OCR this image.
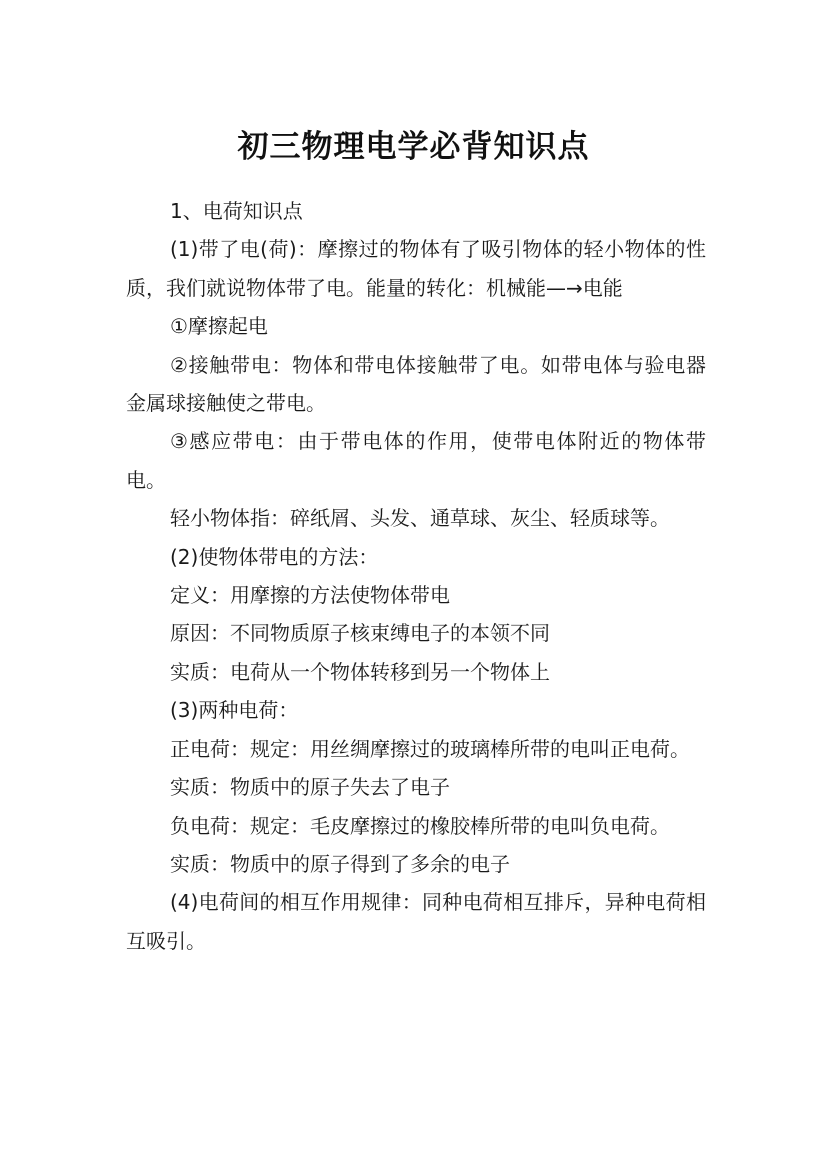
初三物理电学必背知识点

1、电荷知识点

(1)带了电(荷)：摩擦过的物体有了吸引物体的轻小物体的性质，我们就说物体带了电。能量的转化：机械能—→电能

①摩擦起电

②接触带电：物体和带电体接触带了电。如带电体与验电器金属球接触使之带电。

③感应带电：由于带电体的作用，使带电体附近的物体带电。

轻小物体指：碎纸屑、头发、通草球、灰尘、轻质球等。

(2)使物体带电的方法：

定义：用摩擦的方法使物体带电

原因：不同物质原子核束缚电子的本领不同

实质：电荷从一个物体转移到另一个物体上

(3)两种电荷：

正电荷：规定：用丝绸摩擦过的玻璃棒所带的电叫正电荷。

实质：物质中的原子失去了电子

负电荷：规定：毛皮摩擦过的橡胶棒所带的电叫负电荷。

实质：物质中的原子得到了多余的电子

(4)电荷间的相互作用规律：同种电荷相互排斥，异种电荷相互吸引。
